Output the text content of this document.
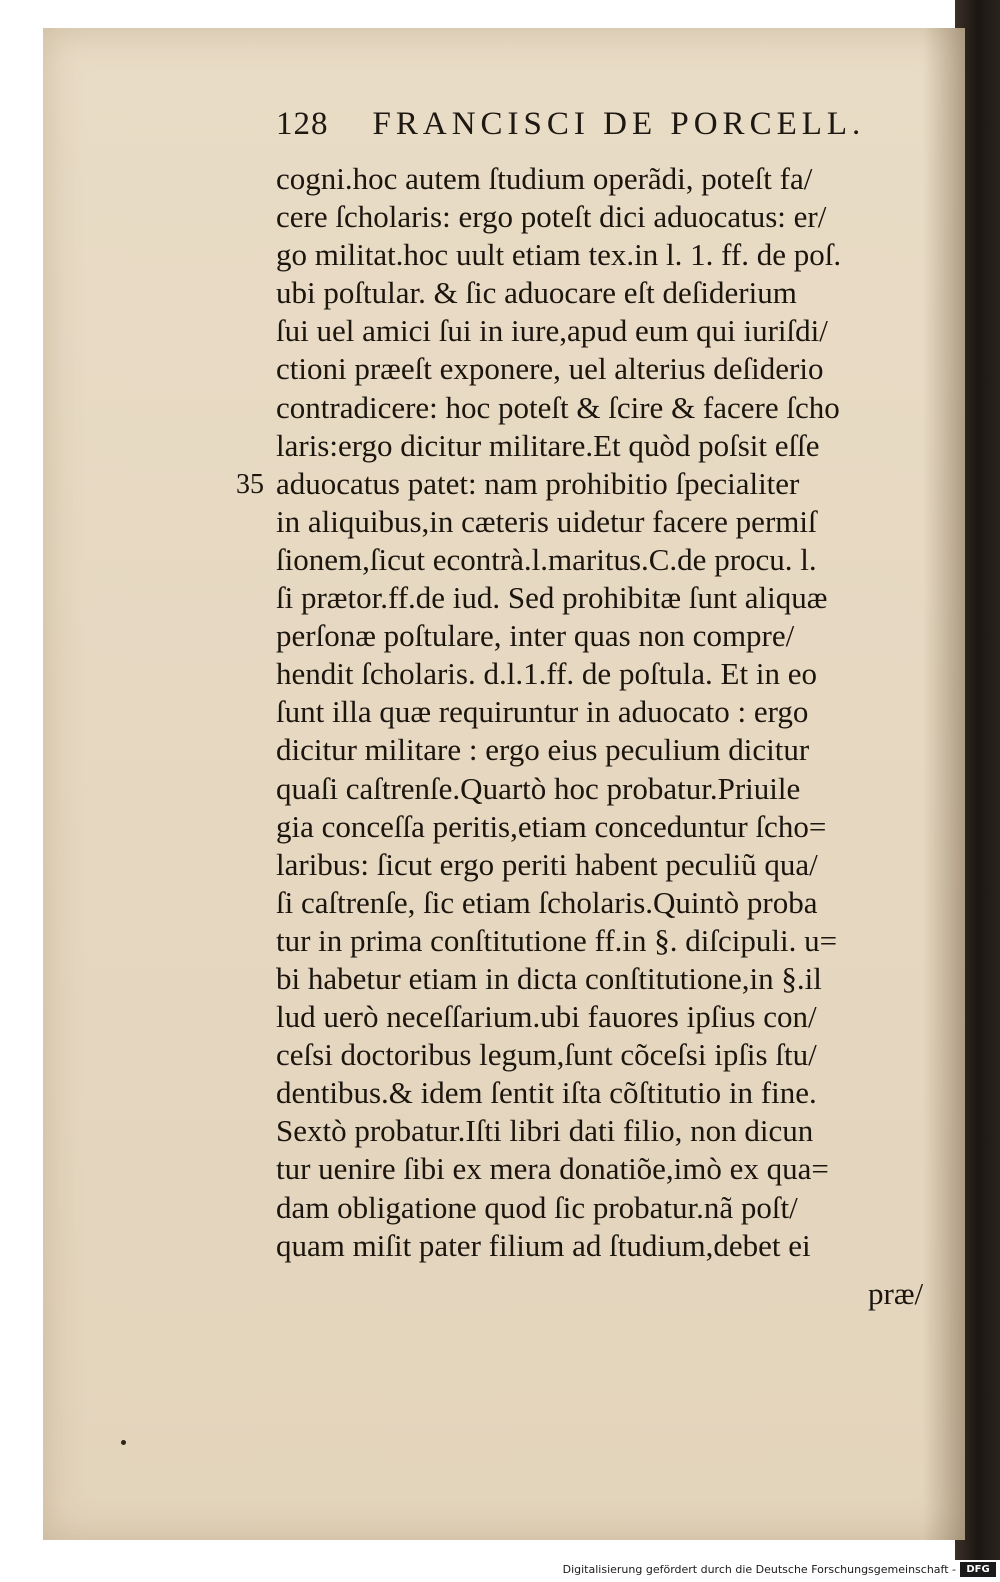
128 FRANCISCI DE PORCELL.
35
cogni.hoc autem ſtudium operãdi, poteſt fa/
cere ſcholaris: ergo poteſt dici aduocatus: er/
go militat.hoc uult etiam tex.in l. 1. ff. de poſ.
ubi poſtular. & ſic aduocare eſt deſiderium
ſui uel amici ſui in iure,apud eum qui iuriſdi/
ctioni præeſt exponere, uel alterius deſiderio
contradicere: hoc poteſt & ſcire & facere ſcho
laris:ergo dicitur militare.Et quòd poſsit eſſe
aduocatus patet: nam prohibitio ſpecialiter
in aliquibus,in cæteris uidetur facere permiſ
ſionem,ſicut econtrà.l.maritus.C.de procu. l.
ſi prætor.ff.de iud. Sed prohibitæ ſunt aliquæ
perſonæ poſtulare, inter quas non compre/
hendit ſcholaris. d.l.1.ff. de poſtula. Et in eo
ſunt illa quæ requiruntur in aduocato : ergo
dicitur militare : ergo eius peculium dicitur
quaſi caſtrenſe.Quartò hoc probatur.Priuile
gia conceſſa peritis,etiam conceduntur ſcho=
laribus: ſicut ergo periti habent peculiũ qua/
ſi caſtrenſe, ſic etiam ſcholaris.Quintò proba
tur in prima conſtitutione ff.in §. diſcipuli. u=
bi habetur etiam in dicta conſtitutione,in §.il
lud uerò neceſſarium.ubi fauores ipſius con/
ceſsi doctoribus legum,ſunt cõceſsi ipſis ſtu/
dentibus.& idem ſentit iſta cõſtitutio in fine.
Sextò probatur.Iſti libri dati filio, non dicun
tur uenire ſibi ex mera donatiõe,imò ex qua=
dam obligatione quod ſic probatur.nã poſt/
quam miſit pater filium ad ſtudium,debet ei
præ/
Digitalisierung gefördert durch die Deutsche Forschungsgemeinschaft -	DFG
